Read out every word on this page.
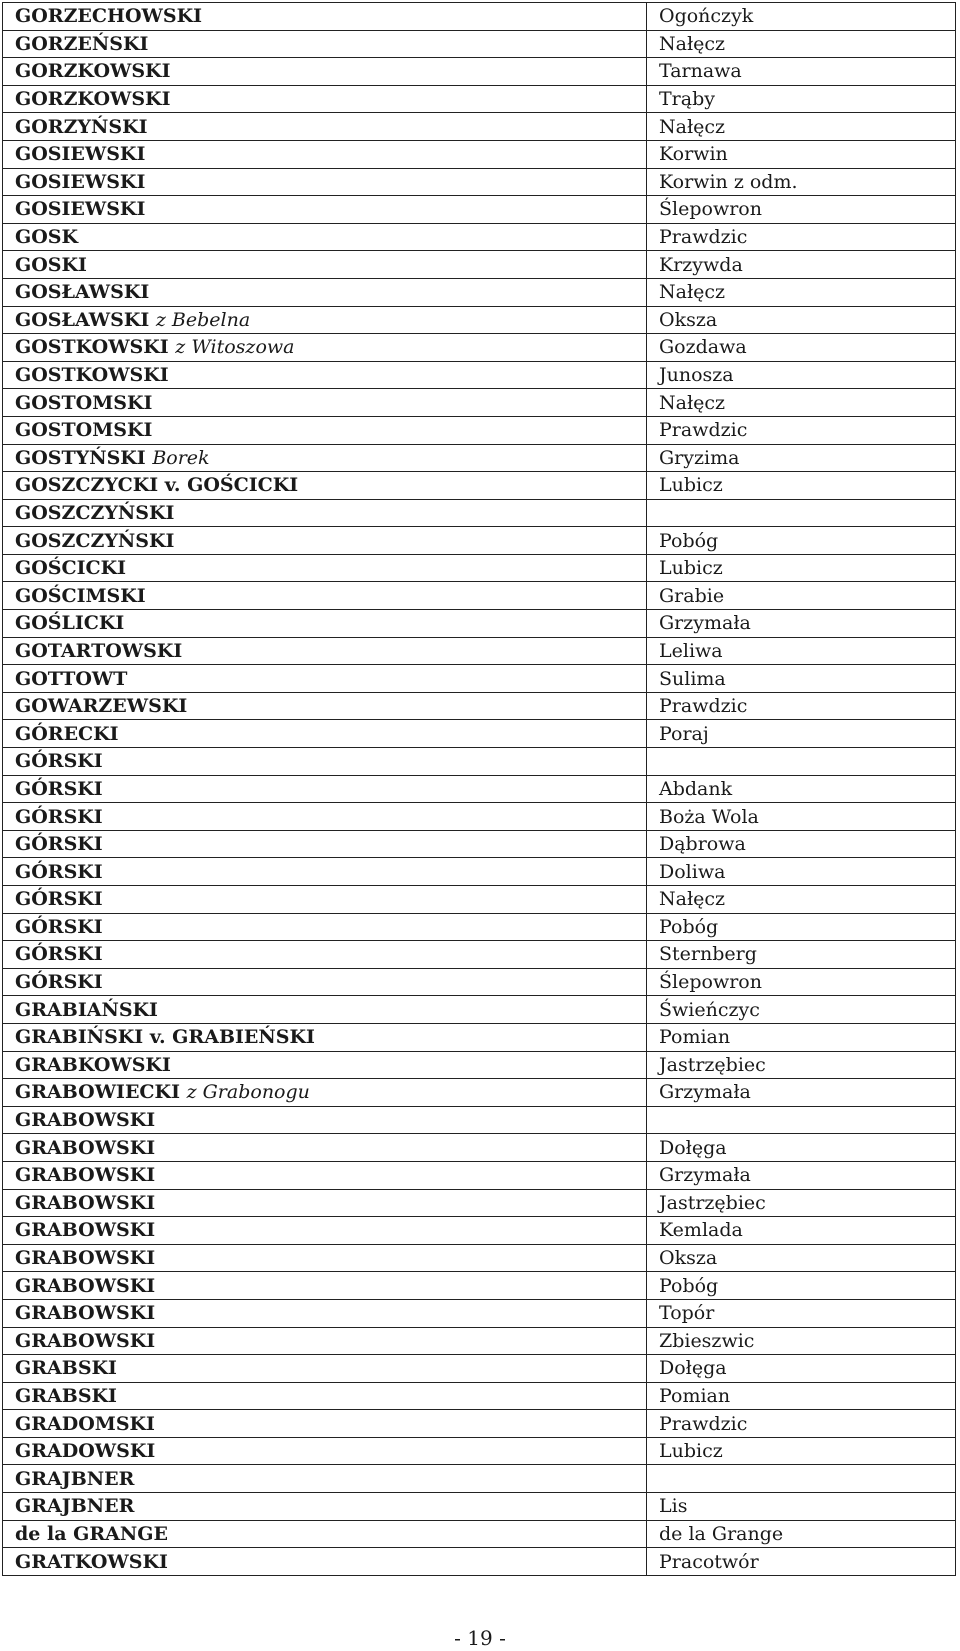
GORZECHOWSKI	Ogończyk
GORZEŃSKI	Nałęcz
GORZKOWSKI	Tarnawa
GORZKOWSKI	Trąby
GORZYŃSKI	Nałęcz
GOSIEWSKI	Korwin
GOSIEWSKI	Korwin z odm.
GOSIEWSKI	Ślepowron
GOSK	Prawdzic
GOSKI	Krzywda
GOSŁAWSKI	Nałęcz
GOSŁAWSKI z Bebelna	Oksza
GOSTKOWSKI z Witoszowa	Gozdawa
GOSTKOWSKI	Junosza
GOSTOMSKI	Nałęcz
GOSTOMSKI	Prawdzic
GOSTYŃSKI Borek	Gryzima
GOSZCZYCKI v. GOŚCICKI	Lubicz
GOSZCZYŃSKI	
GOSZCZYŃSKI	Pobóg
GOŚCICKI	Lubicz
GOŚCIMSKI	Grabie
GOŚLICKI	Grzymała
GOTARTOWSKI	Leliwa
GOTTOWT	Sulima
GOWARZEWSKI	Prawdzic
GÓRECKI	Poraj
GÓRSKI	
GÓRSKI	Abdank
GÓRSKI	Boża Wola
GÓRSKI	Dąbrowa
GÓRSKI	Doliwa
GÓRSKI	Nałęcz
GÓRSKI	Pobóg
GÓRSKI	Sternberg
GÓRSKI	Ślepowron
GRABIAŃSKI	Świeńczyc
GRABIŃSKI v. GRABIEŃSKI	Pomian
GRABKOWSKI	Jastrzębiec
GRABOWIECKI z Grabonogu	Grzymała
GRABOWSKI	
GRABOWSKI	Dołęga
GRABOWSKI	Grzymała
GRABOWSKI	Jastrzębiec
GRABOWSKI	Kemlada
GRABOWSKI	Oksza
GRABOWSKI	Pobóg
GRABOWSKI	Topór
GRABOWSKI	Zbieszwic
GRABSKI	Dołęga
GRABSKI	Pomian
GRADOMSKI	Prawdzic
GRADOWSKI	Lubicz
GRAJBNER	
GRAJBNER	Lis
de la GRANGE	de la Grange
GRATKOWSKI	Pracotwór
- 19 -
